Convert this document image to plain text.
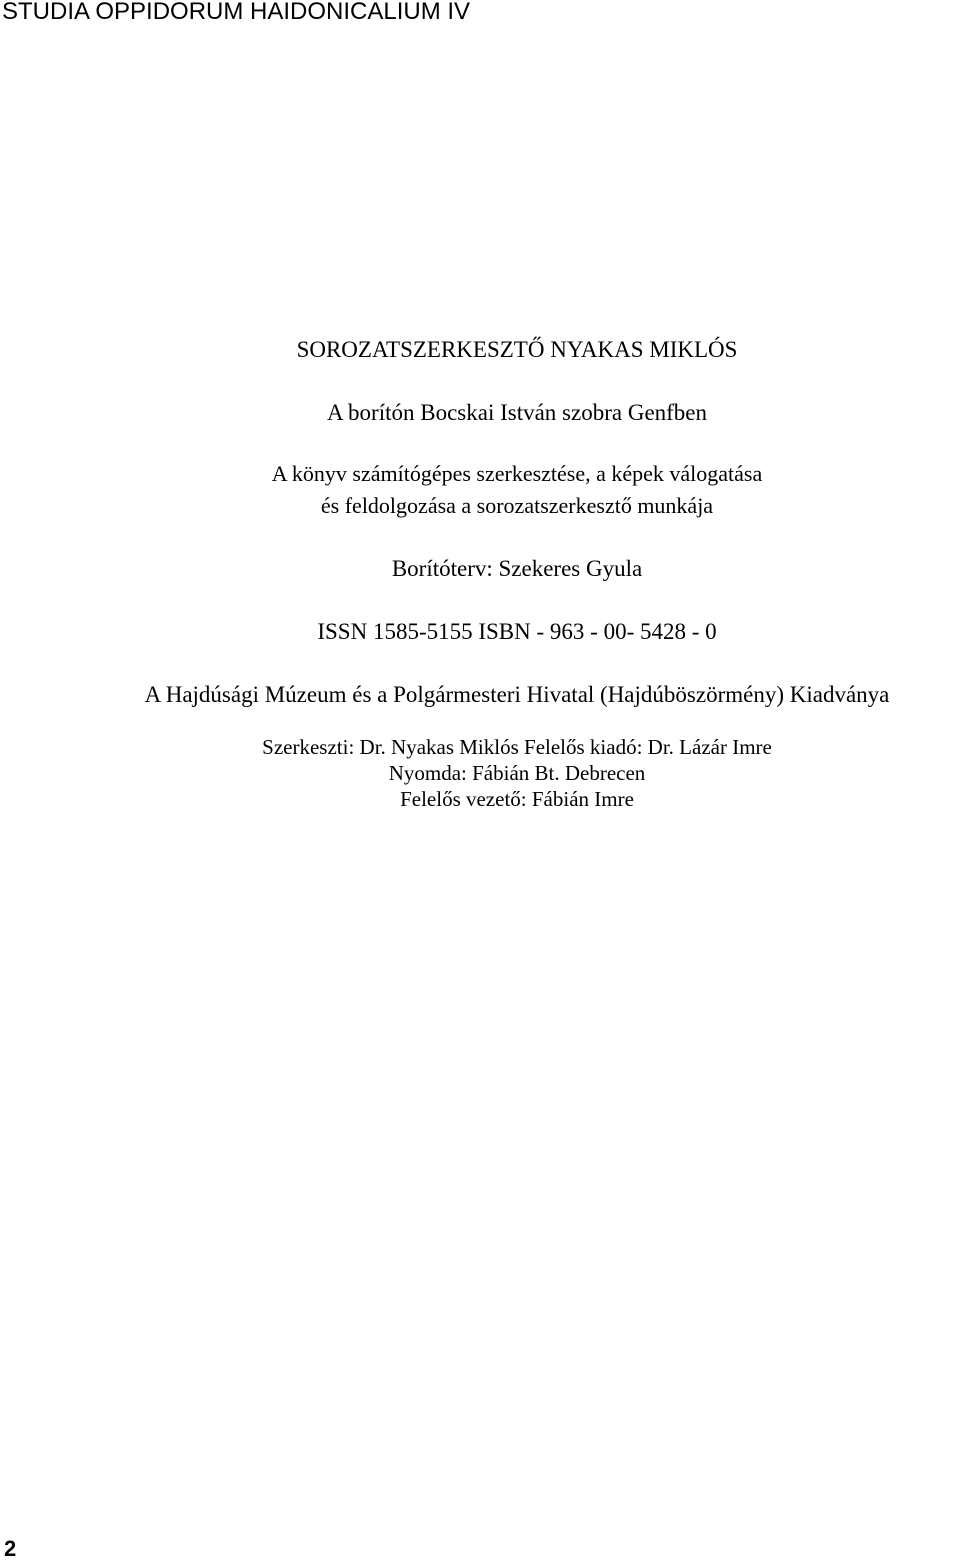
STUDIA OPPIDORUM HAIDONICALIUM IV
SOROZATSZERKESZTŐ NYAKAS MIKLÓS
A borítón Bocskai István szobra Genfben
A könyv számítógépes szerkesztése, a képek válogatása
és feldolgozása a sorozatszerkesztő munkája
Borítóterv: Szekeres Gyula
ISSN 1585-5155 ISBN - 963 - 00- 5428 - 0
A Hajdúsági Múzeum és a Polgármesteri Hivatal (Hajdúböszörmény) Kiadványa
Szerkeszti: Dr. Nyakas Miklós Felelős kiadó: Dr. Lázár Imre
Nyomda: Fábián Bt. Debrecen
Felelős vezető: Fábián Imre
2
